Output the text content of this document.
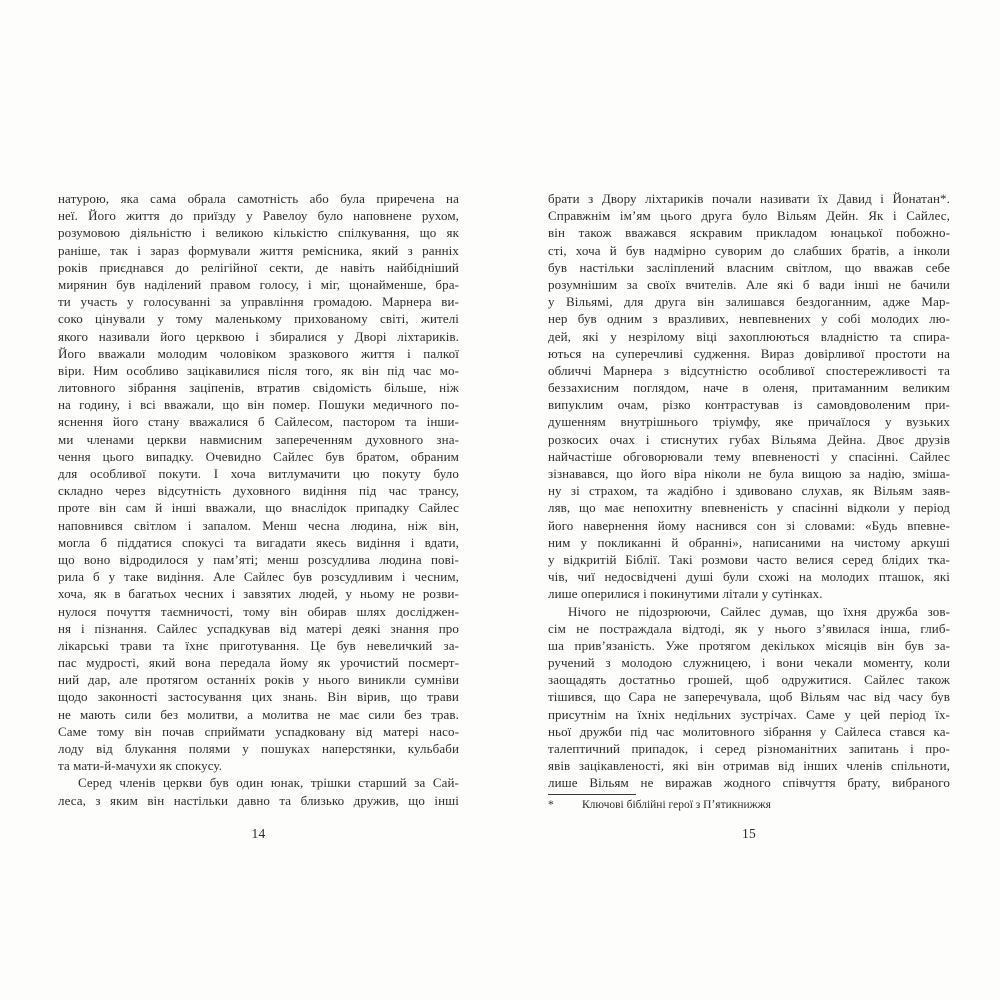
натурою, яка сама обрала самотність або була приречена на
неї. Його життя до приїзду у Равелоу було наповнене рухом,
розумовою діяльністю і великою кількістю спілкування, що як
раніше, так і зараз формували життя ремісника, який з ранніх
років приєднався до релігійної секти, де навіть найбідніший
мирянин був наділений правом голосу, і міг, щонайменше, бра-
ти участь у голосуванні за управління громадою. Марнера ви-
соко цінували у тому маленькому прихованому світі, жителі
якого називали його церквою і збиралися у Дворі ліхтариків.
Його вважали молодим чоловіком зразкового життя і палкої
віри. Ним особливо зацікавилися після того, як він під час мо-
литовного зібрання заціпенів, втратив свідомість більше, ніж
на годину, і всі вважали, що він помер. Пошуки медичного по-
яснення його стану вважалися б Сайлесом, пастором та інши-
ми членами церкви навмисним запереченням духовного зна-
чення цього випадку. Очевидно Сайлес був братом, обраним
для особливої покути. І хоча витлумачити цю покуту було
складно через відсутність духовного видіння під час трансу,
проте він сам й інші вважали, що внаслідок припадку Сайлес
наповнився світлом і запалом. Менш чесна людина, ніж він,
могла б піддатися спокусі та вигадати якесь видіння і вдати,
що воно відродилося у памʼяті; менш розсудлива людина пові-
рила б у таке видіння. Але Сайлес був розсудливим і чесним,
хоча, як в багатьох чесних і завзятих людей, у ньому не розви-
нулося почуття таємничості, тому він обирав шлях досліджен-
ня і пізнання. Сайлес успадкував від матері деякі знання про
лікарські трави та їхнє приготування. Це був невеличкий за-
пас мудрості, який вона передала йому як урочистий посмерт-
ний дар, але протягом останніх років у нього виникли сумніви
щодо законності застосування цих знань. Він вірив, що трави
не мають сили без молитви, а молитва не має сили без трав.
Саме тому він почав сприймати успадковану від матері насо-
лоду від блукання полями у пошуках наперстянки, кульбаби
та мати-й-мачухи як спокусу.
Серед членів церкви був один юнак, трішки старший за Сай-
леса, з яким він настільки давно та близько дружив, що інші
14
брати з Двору ліхтариків почали називати їх Давид і Йонатан*.
Справжнім імʼям цього друга було Вільям Дейн. Як і Сайлес,
він також вважався яскравим прикладом юнацької побожно-
сті, хоча й був надмірно суворим до слабших братів, а інколи
був настільки засліплений власним світлом, що вважав себе
розумнішим за своїх вчителів. Але які б вади інші не бачили
у Вільямі, для друга він залишався бездоганним, адже Мар-
нер був одним з вразливих, невпевнених у собі молодих лю-
дей, які у незрілому віці захоплюються владністю та спира-
ються на суперечливі судження. Вираз довірливої простоти на
обличчі Марнера з відсутністю особливої спостережливості та
беззахисним поглядом, наче в оленя, притаманним великим
випуклим очам, різко контрастував із самовдоволеним при-
душенням внутрішнього тріумфу, яке причаїлося у вузьких
розкосих очах і стиснутих губах Вільяма Дейна. Двоє друзів
найчастіше обговорювали тему впевненості у спасінні. Сайлес
зізнавався, що його віра ніколи не була вищою за надію, зміша-
ну зі страхом, та жадібно і здивовано слухав, як Вільям заяв-
ляв, що має непохитну впевненість у спасінні відколи у період
його навернення йому наснився сон зі словами: «Будь впевне-
ним у покликанні й обранні», написаними на чистому аркуші
у відкритій Біблії. Такі розмови часто велися серед блідих тка-
чів, чиї недосвідчені душі були схожі на молодих пташок, які
лише оперилися і покинутими літали у сутінках.
Нічого не підозрюючи, Сайлес думав, що їхня дружба зов-
сім не постраждала відтоді, як у нього зʼявилася інша, глиб-
ша привʼязаність. Уже протягом декількох місяців він був за-
ручений з молодою служницею, і вони чекали моменту, коли
заощадять достатньо грошей, щоб одружитися. Сайлес також
тішився, що Сара не заперечувала, щоб Вільям час від часу був
присутнім на їхніх недільних зустрічах. Саме у цей період їх-
ньої дружби під час молитовного зібрання у Сайлеса стався ка-
талептичний припадок, і серед різноманітних запитань і про-
явів зацікавленості, які він отримав від інших членів спільноти,
лише Вільям не виражав жодного співчуття брату, вибраного
*	Ключові біблійні герої з Пʼятикнижжя
15
